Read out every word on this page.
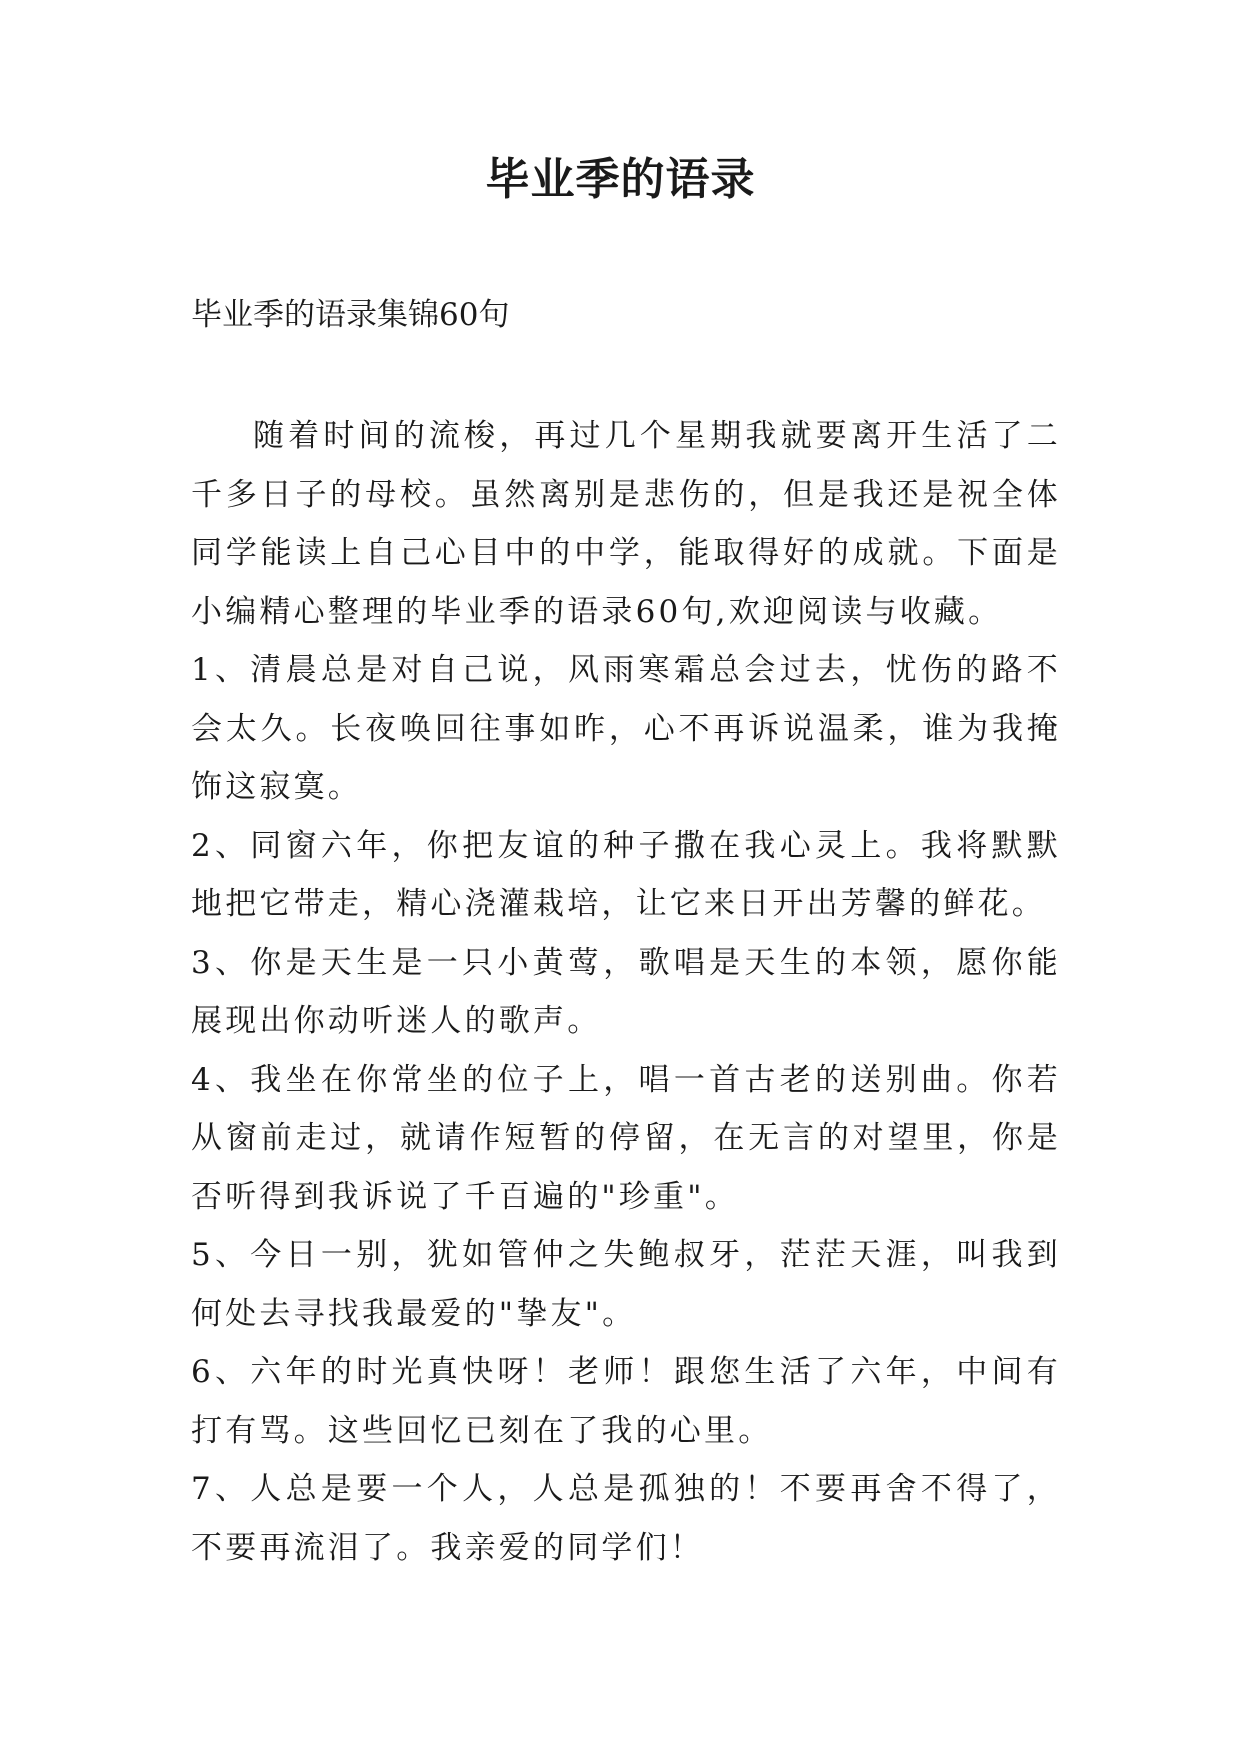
毕业季的语录

毕业季的语录集锦60句

随着时间的流梭，再过几个星期我就要离开生活了二千多日子的母校。虽然离别是悲伤的，但是我还是祝全体同学能读上自己心目中的中学，能取得好的成就。下面是小编精心整理的毕业季的语录60句,欢迎阅读与收藏。

1、清晨总是对自己说，风雨寒霜总会过去，忧伤的路不会太久。长夜唤回往事如昨，心不再诉说温柔，谁为我掩饰这寂寞。

2、同窗六年，你把友谊的种子撒在我心灵上。我将默默地把它带走，精心浇灌栽培，让它来日开出芳馨的鲜花。

3、你是天生是一只小黄莺，歌唱是天生的本领，愿你能展现出你动听迷人的歌声。

4、我坐在你常坐的位子上，唱一首古老的送别曲。你若从窗前走过，就请作短暂的停留，在无言的对望里，你是否听得到我诉说了千百遍的"珍重"。

5、今日一别，犹如管仲之失鲍叔牙，茫茫天涯，叫我到何处去寻找我最爱的"挚友"。

6、六年的时光真快呀！老师！跟您生活了六年，中间有打有骂。这些回忆已刻在了我的心里。

7、人总是要一个人，人总是孤独的！不要再舍不得了，不要再流泪了。我亲爱的同学们！
